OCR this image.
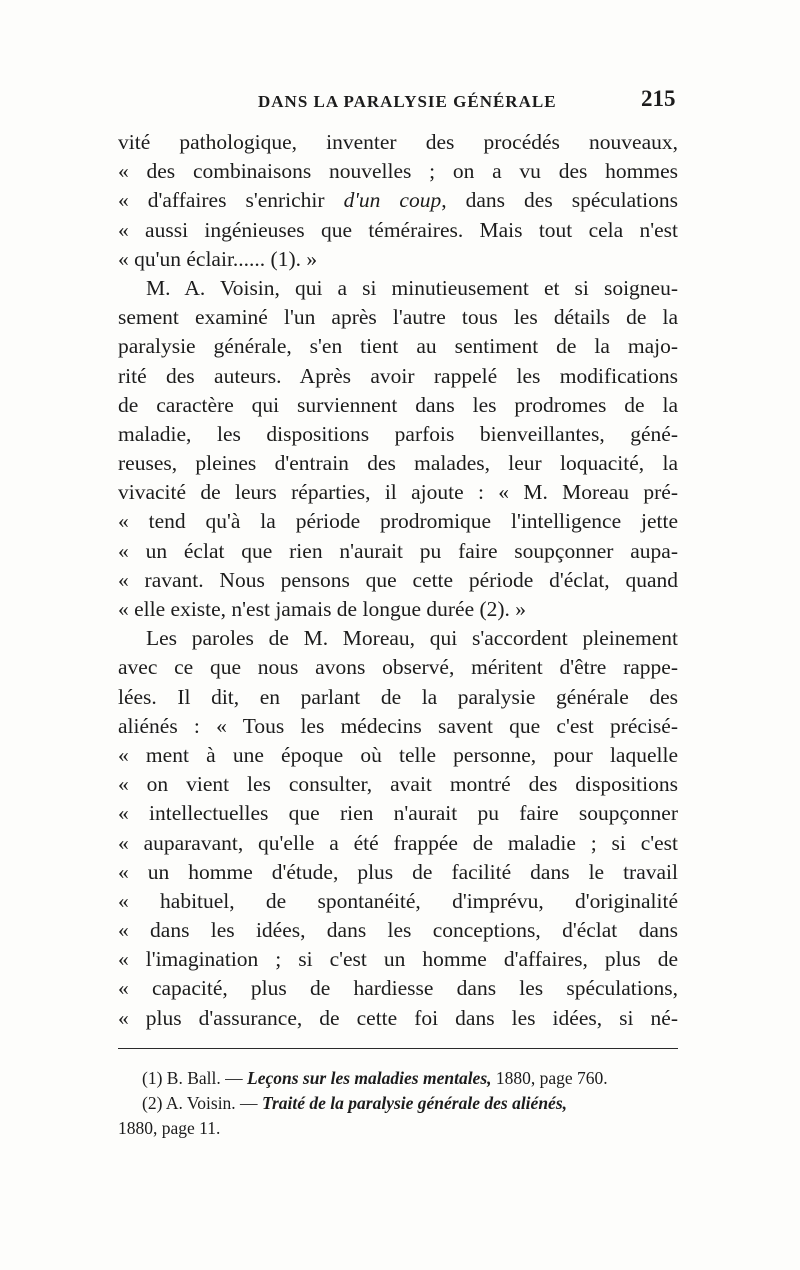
DANS LA PARALYSIE GÉNÉRALE	215
vité pathologique, inventer des procédés nouveaux,
« des combinaisons nouvelles ; on a vu des hommes
« d'affaires s'enrichir d'un coup, dans des spéculations
« aussi ingénieuses que téméraires. Mais tout cela n'est
« qu'un éclair...... (1). »
M. A. Voisin, qui a si minutieusement et si soigneu-
sement examiné l'un après l'autre tous les détails de la
paralysie générale, s'en tient au sentiment de la majo-
rité des auteurs. Après avoir rappelé les modifications
de caractère qui surviennent dans les prodromes de la
maladie, les dispositions parfois bienveillantes, géné-
reuses, pleines d'entrain des malades, leur loquacité, la
vivacité de leurs réparties, il ajoute : « M. Moreau pré-
« tend qu'à la période prodromique l'intelligence jette
« un éclat que rien n'aurait pu faire soupçonner aupa-
« ravant. Nous pensons que cette période d'éclat, quand
« elle existe, n'est jamais de longue durée (2). »
Les paroles de M. Moreau, qui s'accordent pleinement
avec ce que nous avons observé, méritent d'être rappe-
lées. Il dit, en parlant de la paralysie générale des
aliénés : « Tous les médecins savent que c'est précisé-
« ment à une époque où telle personne, pour laquelle
« on vient les consulter, avait montré des dispositions
« intellectuelles que rien n'aurait pu faire soupçonner
« auparavant, qu'elle a été frappée de maladie ; si c'est
« un homme d'étude, plus de facilité dans le travail
« habituel, de spontanéité, d'imprévu, d'originalité
« dans les idées, dans les conceptions, d'éclat dans
« l'imagination ; si c'est un homme d'affaires, plus de
« capacité, plus de hardiesse dans les spéculations,
« plus d'assurance, de cette foi dans les idées, si né-
(1) B. Ball. — Leçons sur les maladies mentales, 1880, page 760.
(2) A. Voisin. — Traité de la paralysie générale des aliénés,
1880, page 11.
